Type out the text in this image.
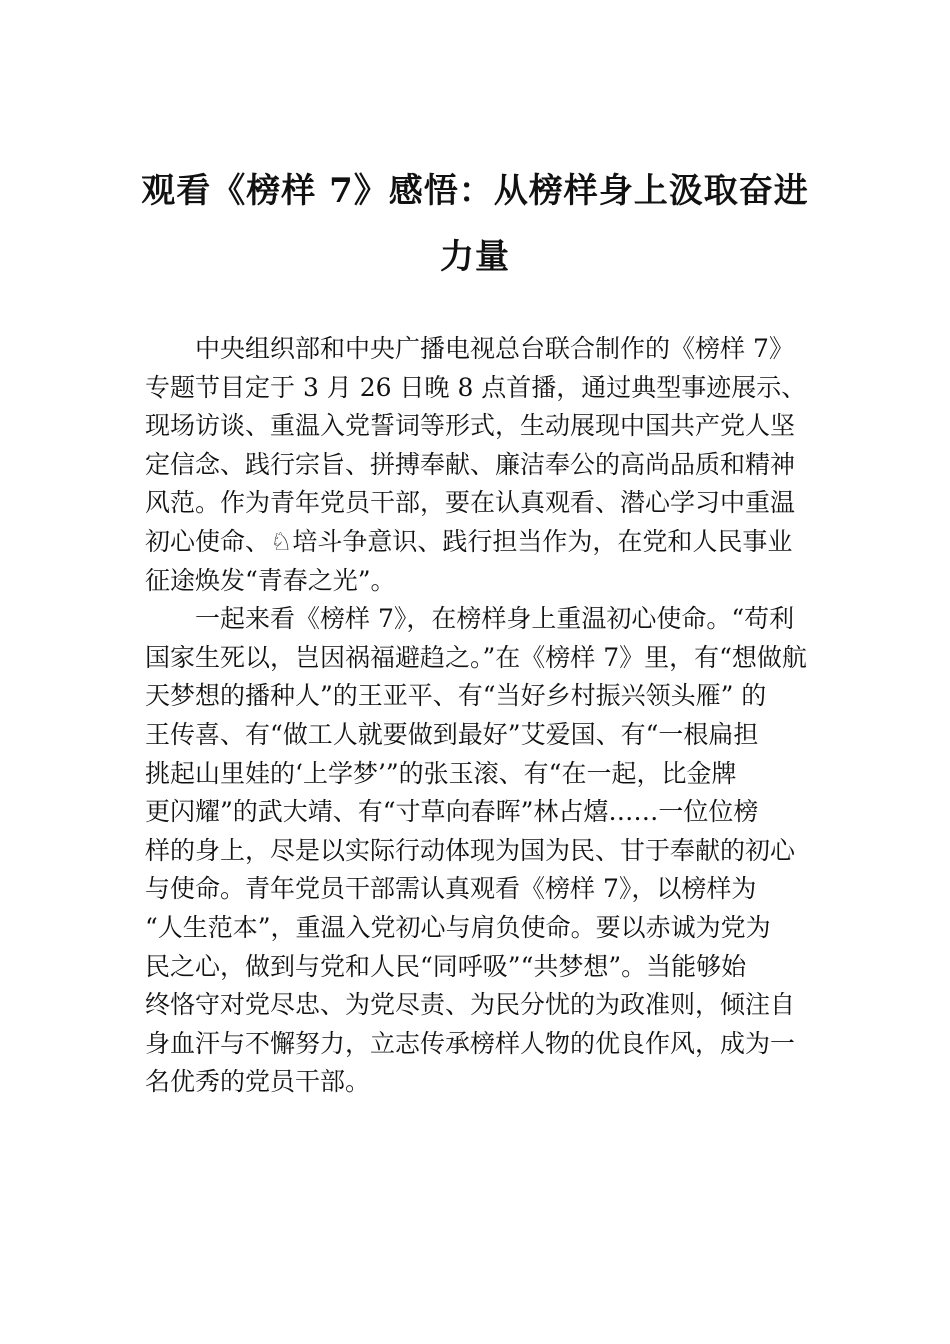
观看《榜样 7》感悟：从榜样身上汲取奋进
力量
　　中央组织部和中央广播电视总台联合制作的《榜样 7》
专题节目定于 3 月 26 日晚 8 点首播，通过典型事迹展示、
现场访谈、重温入党誓词等形式，生动展现中国共产党人坚
定信念、践行宗旨、拼搏奉献、廉洁奉公的高尚品质和精神
风范。作为青年党员干部，要在认真观看、潜心学习中重温
初心使命、♘培斗争意识、践行担当作为，在党和人民事业
征途焕发“青春之光”。
　　一起来看《榜样 7》，在榜样身上重温初心使命。“苟利
国家生死以，岂因祸福避趋之。”在《榜样 7》里，有“想做航
天梦想的播种人”的王亚平、有“当好乡村振兴领头雁” 的
王传喜、有“做工人就要做到最好”艾爱国、有“一根扁担
挑起山里娃的‘上学梦’”的张玉滚、有“在一起，比金牌
更闪耀”的武大靖、有“寸草向春晖”林占熺……一位位榜
样的身上，尽是以实际行动体现为国为民、甘于奉献的初心
与使命。青年党员干部需认真观看《榜样 7》，以榜样为
“人生范本”，重温入党初心与肩负使命。要以赤诚为党为
民之心，做到与党和人民“同呼吸”“共梦想”。当能够始
终恪守对党尽忠、为党尽责、为民分忧的为政准则，倾注自
身血汗与不懈努力，立志传承榜样人物的优良作风，成为一
名优秀的党员干部。
